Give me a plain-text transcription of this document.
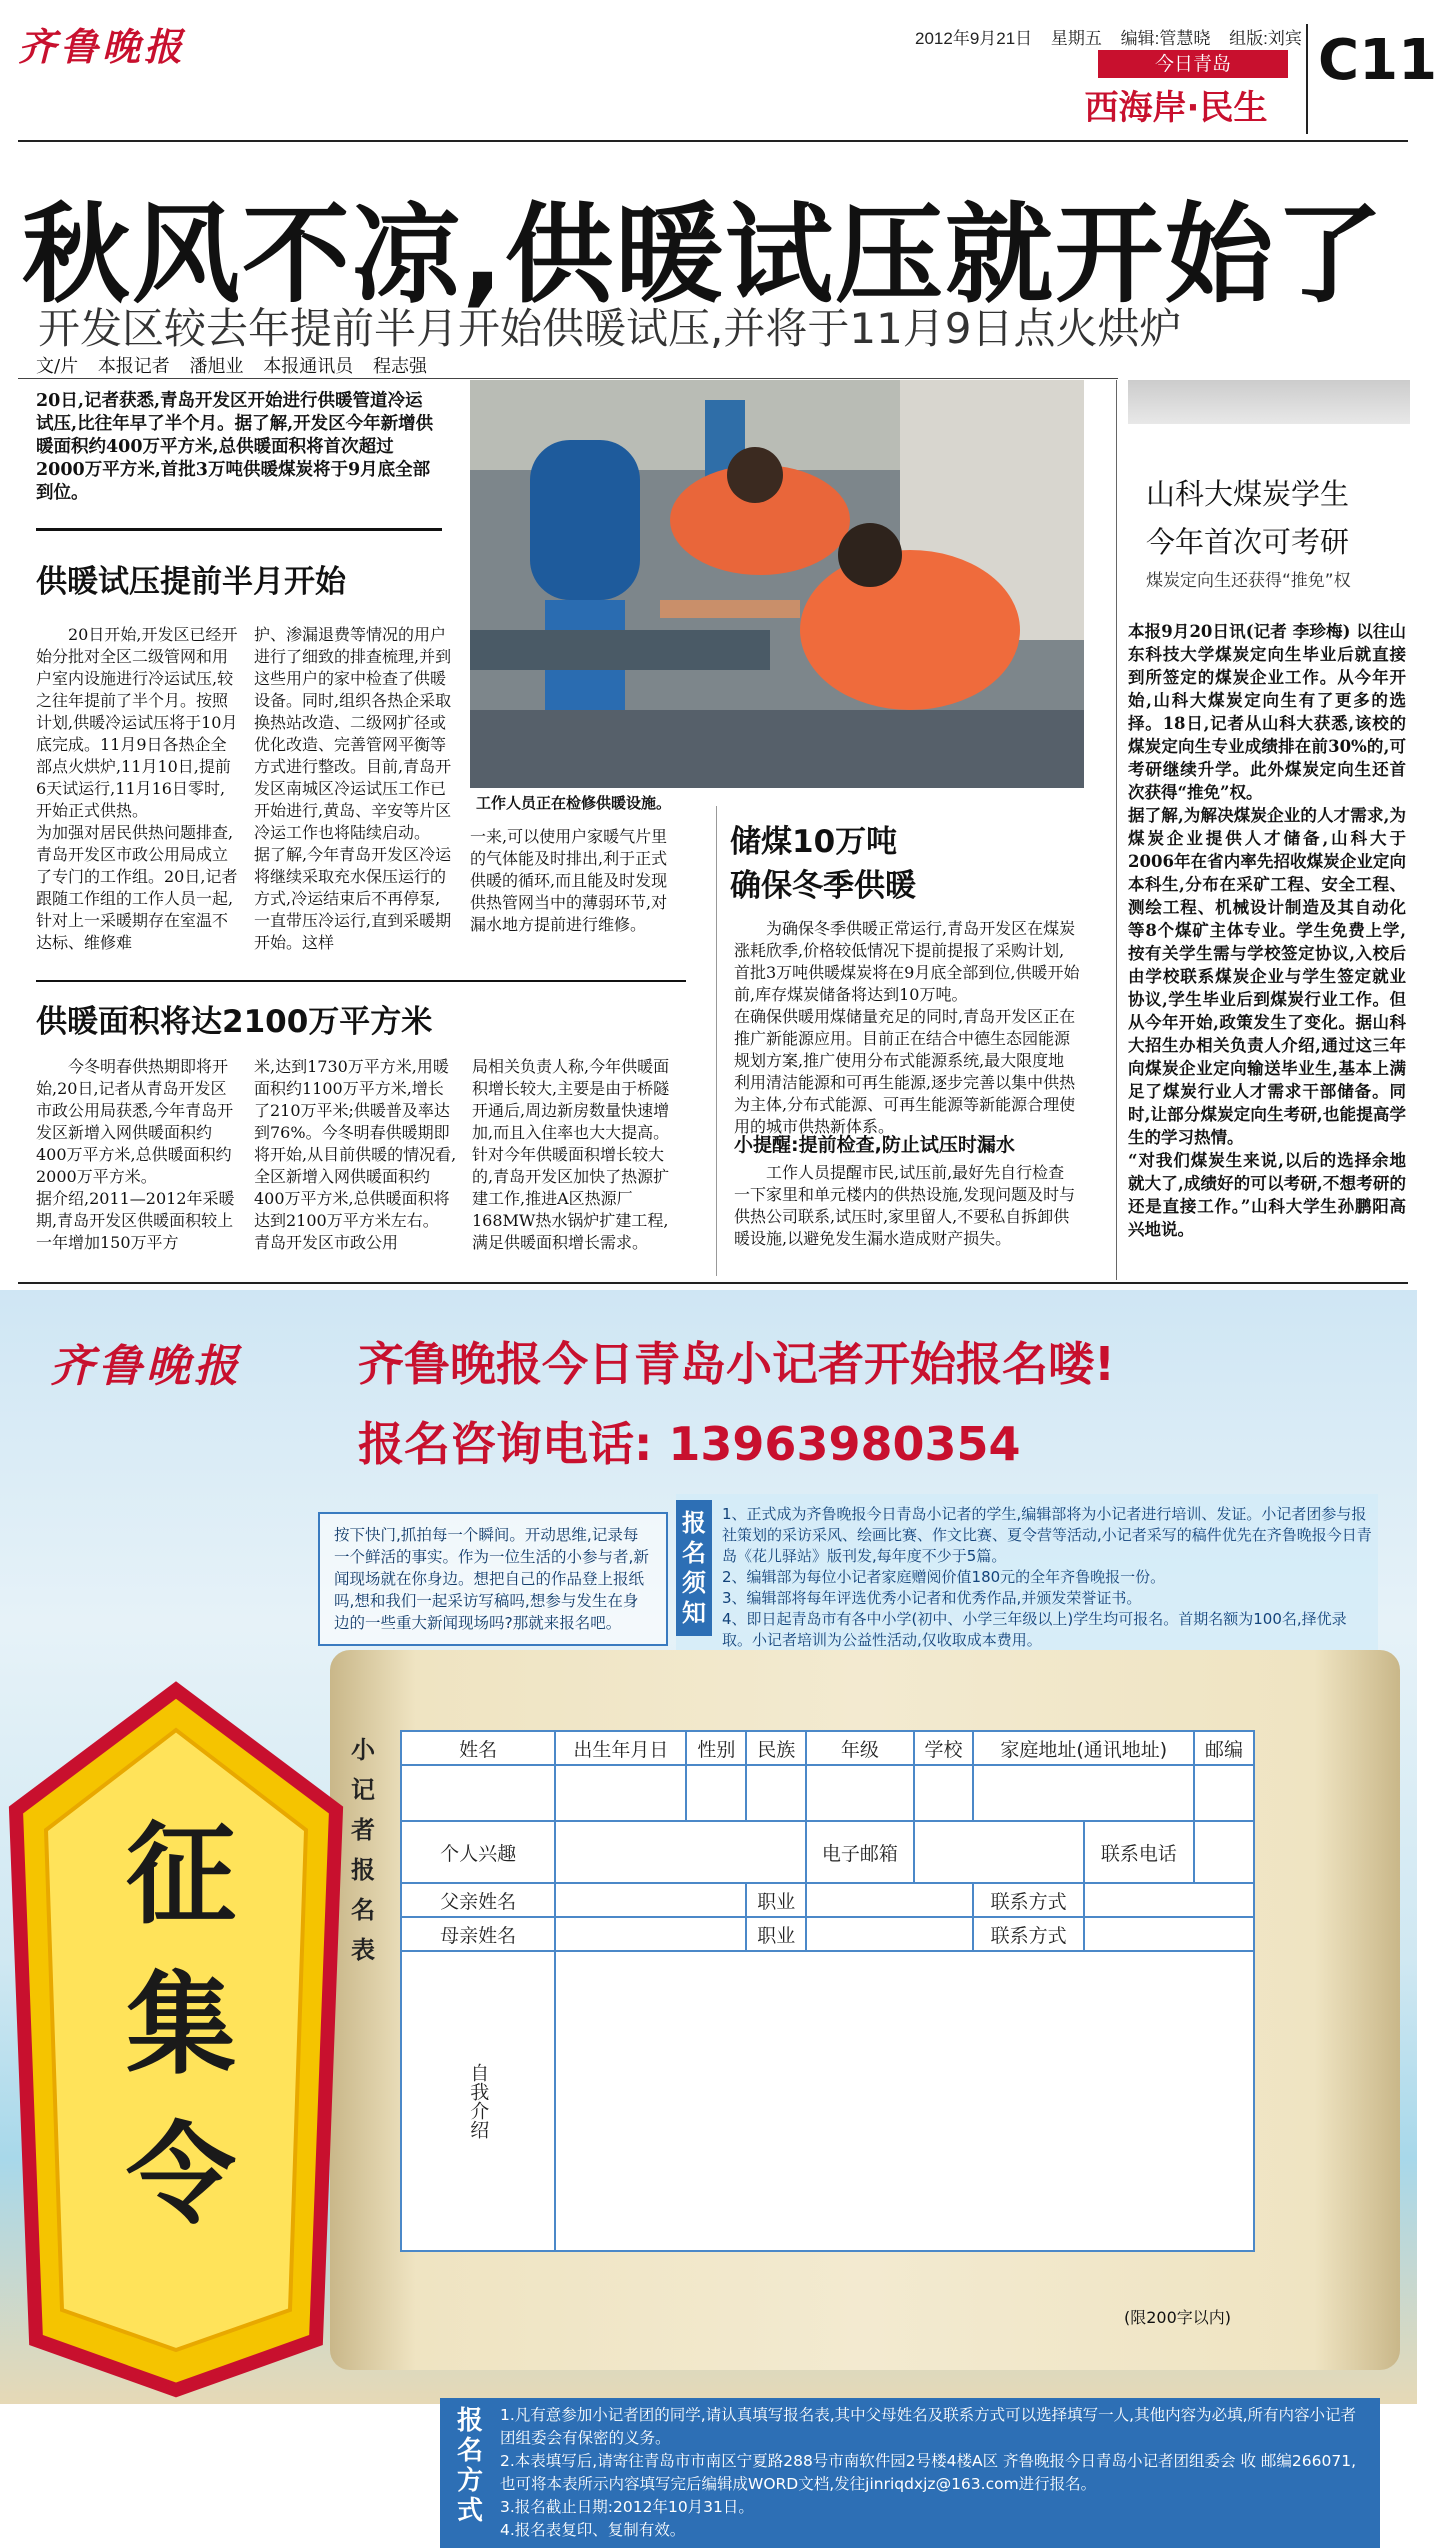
齐鲁晚报	2012年9月21日 星期五 编辑:管慧晓 组版:刘宾
今日青岛
西海岸·民生
C11
秋风不凉,供暖试压就开始了
开发区较去年提前半月开始供暖试压,并将于11月9日点火烘炉
文/片 本报记者 潘旭业 本报通讯员 程志强
20日,记者获悉,青岛开发区开始进行供暖管道冷运试压,比往年早了半个月。据了解,开发区今年新增供暖面积约400万平方米,总供暖面积将首次超过2000万平方米,首批3万吨供暖煤炭将于9月底全部到位。
供暖试压提前半月开始
工作人员正在检修供暖设施。
20日开始,开发区已经开始分批对全区二级管网和用户室内设施进行冷运试压,较之往年提前了半个月。按照计划,供暖冷运试压将于10月底完成。11月9日各热企全部点火烘炉,11月10日,提前6天试运行,11月16日零时,开始正式供热。
为加强对居民供热问题排查,青岛开发区市政公用局成立了专门的工作组。20日,记者跟随工作组的工作人员一起,针对上一采暖期存在室温不达标、维修难
护、渗漏退费等情况的用户进行了细致的排查梳理,并到这些用户的家中检查了供暖设备。同时,组织各热企采取换热站改造、二级网扩径或优化改造、完善管网平衡等方式进行整改。目前,青岛开发区南城区冷运试压工作已开始进行,黄岛、辛安等片区冷运工作也将陆续启动。
据了解,今年青岛开发区冷运将继续采取充水保压运行的方式,冷运结束后不再停泵,一直带压冷运行,直到采暖期开始。这样
一来,可以使用户家暖气片里的气体能及时排出,利于正式供暖的循环,而且能及时发现供热管网当中的薄弱环节,对漏水地方提前进行维修。
储煤10万吨
确保冬季供暖
为确保冬季供暖正常运行,青岛开发区在煤炭涨耗欣季,价格较低情况下提前提报了采购计划,首批3万吨供暖煤炭将在9月底全部到位,供暖开始前,库存煤炭储备将达到10万吨。
在确保供暖用煤储量充足的同时,青岛开发区正在推广新能源应用。目前正在结合中德生态园能源规划方案,推广使用分布式能源系统,最大限度地利用清洁能源和可再生能源,逐步完善以集中供热为主体,分布式能源、可再生能源等新能源合理使用的城市供热新体系。
小提醒:提前检查,防止试压时漏水
工作人员提醒市民,试压前,最好先自行检查一下家里和单元楼内的供热设施,发现问题及时与供热公司联系,试压时,家里留人,不要私自拆卸供暖设施,以避免发生漏水造成财产损失。
供暖面积将达2100万平方米
今冬明春供热期即将开始,20日,记者从青岛开发区市政公用局获悉,今年青岛开发区新增入网供暖面积约400万平方米,总供暖面积约2000万平方米。
据介绍,2011—2012年采暖期,青岛开发区供暖面积较上一年增加150万平方
米,达到1730万平方米,用暖面积约1100万平方米,增长了210万平米;供暖普及率达到76%。今冬明春供暖期即将开始,从目前供暖的情况看,全区新增入网供暖面积约400万平方米,总供暖面积将达到2100万平方米左右。
青岛开发区市政公用
局相关负责人称,今年供暖面积增长较大,主要是由于桥隧开通后,周边新房数量快速增加,而且入住率也大大提高。针对今年供暖面积增长较大的,青岛开发区加快了热源扩建工作,推进A区热源厂168MW热水锅炉扩建工程,满足供暖面积增长需求。
山科大煤炭学生
今年首次可考研
煤炭定向生还获得“推免”权
本报9月20日讯(记者 李珍梅) 以往山东科技大学煤炭定向生毕业后就直接到所签定的煤炭企业工作。从今年开始,山科大煤炭定向生有了更多的选择。18日,记者从山科大获悉,该校的煤炭定向生专业成绩排在前30%的,可考研继续升学。此外煤炭定向生还首次获得“推免”权。
据了解,为解决煤炭企业的人才需求,为煤炭企业提供人才储备,山科大于2006年在省内率先招收煤炭企业定向本科生,分布在采矿工程、安全工程、测绘工程、机械设计制造及其自动化等8个煤矿主体专业。学生免费上学,按有关学生需与学校签定协议,入校后由学校联系煤炭企业与学生签定就业协议,学生毕业后到煤炭行业工作。但从今年开始,政策发生了变化。据山科大招生办相关负责人介绍,通过这三年向煤炭企业定向输送毕业生,基本上满足了煤炭行业人才需求干部储备。同时,让部分煤炭定向生考研,也能提高学生的学习热情。
“对我们煤炭生来说,以后的选择余地就大了,成绩好的可以考研,不想考研的还是直接工作。”山科大学生孙鹏阳高兴地说。
齐鲁晚报	齐鲁晚报今日青岛小记者开始报名喽!
报名咨询电话: 13963980354
按下快门,抓拍每一个瞬间。开动思维,记录每一个鲜活的事实。作为一位生活的小参与者,新闻现场就在你身边。想把自己的作品登上报纸吗,想和我们一起采访写稿吗,想参与发生在身边的一些重大新闻现场吗?那就来报名吧。
报名须知
1、正式成为齐鲁晚报今日青岛小记者的学生,编辑部将为小记者进行培训、发证。小记者团参与报社策划的采访采风、绘画比赛、作文比赛、夏令营等活动,小记者采写的稿件优先在齐鲁晚报今日青岛《花儿驿站》版刊发,每年度不少于5篇。
2、编辑部为每位小记者家庭赠阅价值180元的全年齐鲁晚报一份。
3、编辑部将每年评选优秀小记者和优秀作品,并颁发荣誉证书。
4、即日起青岛市有各中小学(初中、小学三年级以上)学生均可报名。首期名额为100名,择优录取。小记者培训为公益性活动,仅收取成本费用。
征集令
小记者报名表
姓名	出生年月日	性别	民族	年级	学校	家庭地址(通讯地址)		邮编

个人兴趣				电子邮箱			联系电话	
父亲姓名			职业			联系方式		
母亲姓名			职业			联系方式		
自我介绍								
(限200字以内)
报名方式
1.凡有意参加小记者团的同学,请认真填写报名表,其中父母姓名及联系方式可以选择填写一人,其他内容为必填,所有内容小记者团组委会有保密的义务。
2.本表填写后,请寄往青岛市市南区宁夏路288号市南软件园2号楼4楼A区 齐鲁晚报今日青岛小记者团组委会 收 邮编266071,也可将本表所示内容填写完后编辑成WORD文档,发往jinriqdxjz@163.com进行报名。
3.报名截止日期:2012年10月31日。
4.报名表复印、复制有效。
